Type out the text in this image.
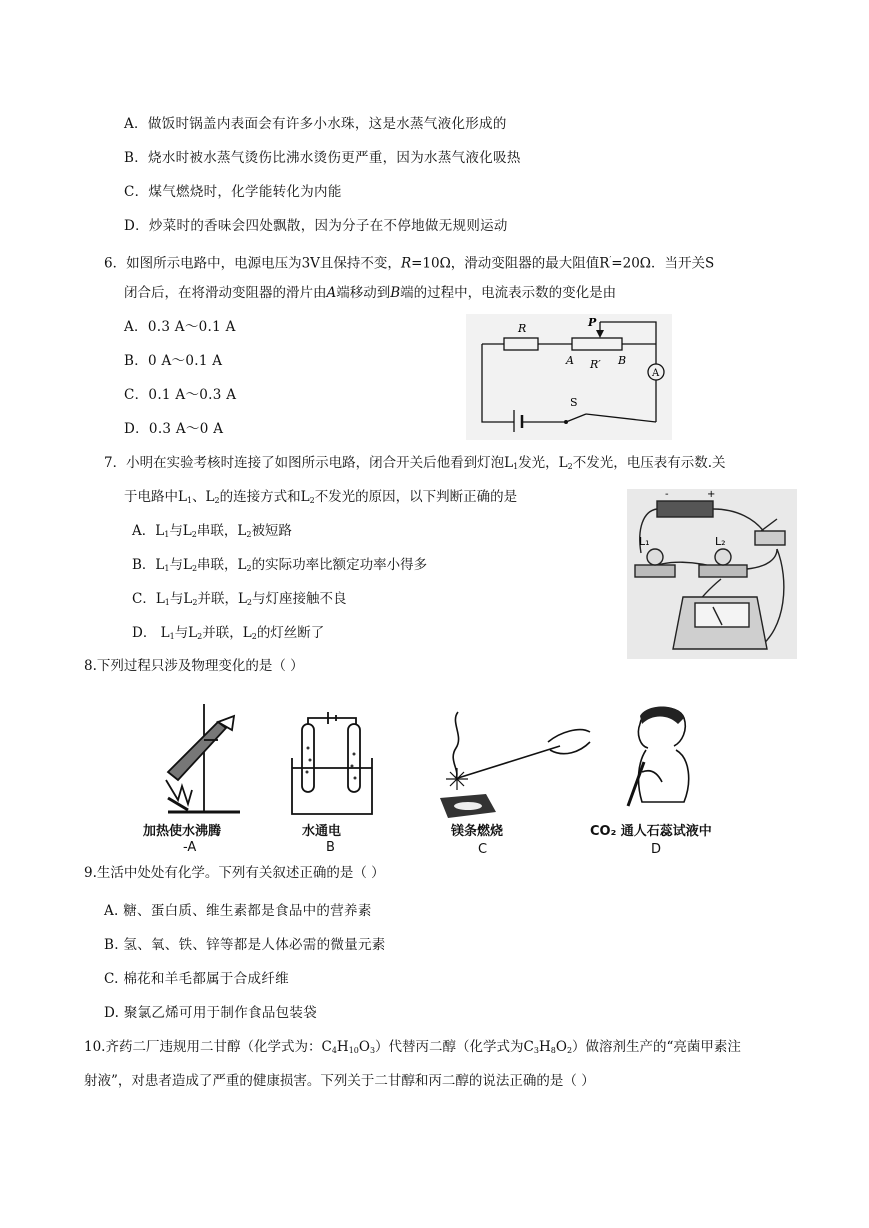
A．做饭时锅盖内表面会有许多小水珠，这是水蒸气液化形成的
B．烧水时被水蒸气烫伤比沸水烫伤更严重，因为水蒸气液化吸热
C．煤气燃烧时，化学能转化为内能
D．炒菜时的香味会四处飘散，因为分子在不停地做无规则运动
6．如图所示电路中，电源电压为3V且保持不变，R=10Ω，滑动变阻器的最大阻值R′=20Ω．当开关S
闭合后，在将滑动变阻器的滑片由A端移动到B端的过程中，电流表示数的变化是由
A．0.3 A～0.1 A
B．0 A～0.1 A
C．0.1 A～0.3 A
D．0.3 A～0 A
R	P
A R′ B
A
S
7．小明在实验考核时连接了如图所示电路，闭合开关后他看到灯泡$L_1$发光，$L_2$不发光，电压表有示数.关
于电路中$L_1$、$L_2$的连接方式和$L_2$不发光的原因，以下判断正确的是
A．$L_1$与$L_2$串联，$L_2$被短路
B．$L_1$与$L_2$串联，$L_2$的实际功率比额定功率小得多
C．$L_1$与$L_2$并联，$L_2$与灯座接触不良
D． $L_1$与$L_2$并联，$L_2$的灯丝断了
-	+
L₁	L₂
8.下列过程只涉及物理变化的是（ ）
加热使水沸腾
-A
水通电
B
镁条燃烧
C
CO₂ 通人石蕊试液中
D
9.生活中处处有化学。下列有关叙述正确的是（ ）
A. 糖、蛋白质、维生素都是食品中的营养素
B. 氢、氧、铁、锌等都是人体必需的微量元素
C. 棉花和羊毛都属于合成纤维
D. 聚氯乙烯可用于制作食品包装袋
10.齐药二厂违规用二甘醇（化学式为：$C_4H_{10}O_3$）代替丙二醇（化学式为$C_3H_8O_2$）做溶剂生产的“亮菌甲素注
射液”，对患者造成了严重的健康损害。下列关于二甘醇和丙二醇的说法正确的是（ ）
